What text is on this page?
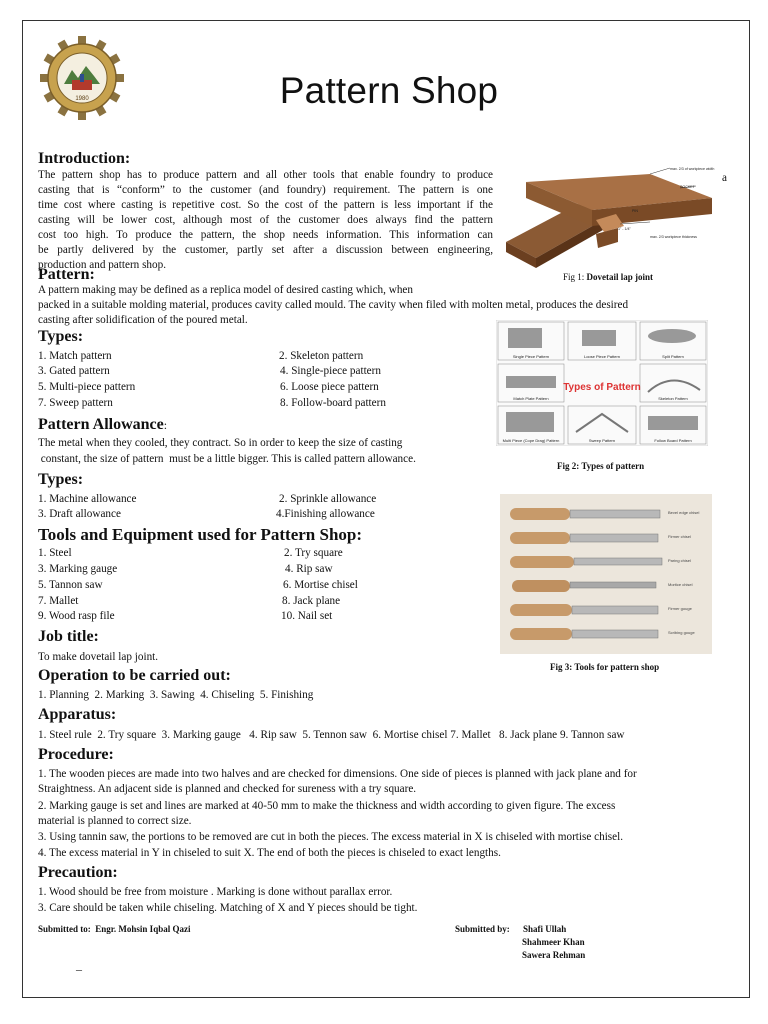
1980	Pattern Shop
Introduction:
The pattern shop has to produce pattern and all other tools that enable foundry to produce	a
casting that is “conform” to the customer (and foundry) requirement. The pattern is one
time cost where casting is repetitive cost. So the cost of the pattern is less important if the
casting will be lower cost, although most of the customer does always find the pattern
cost too high. To produce the pattern, the shop needs information. This information can
be partly delivered by the customer, partly set after a discussion between engineering,
production and pattern shop.
max. 2/3 of workpiece width
SOCKET
PIN
1" - 1/4"
max. 2/3 workpiece thickness
Fig 1: Dovetail lap joint
Pattern:
A pattern making may be defined as a replica model of desired casting which, when
packed in a suitable molding material, produces cavity called mould. The cavity when filed with molten metal, produces the desired
casting after solidification of the poured metal.
Single Piece Pattern	Loose Piece Pattern	Split Pattern
Match Plate Pattern	Skeleton Pattern
Multi Piece (Cope Drag) Pattern	Sweep Pattern	Follow Board Pattern
Types of Pattern
Fig 2: Types of pattern
Types:
1. Match pattern	2. Skeleton pattern
3. Gated pattern	4. Single-piece pattern
5. Multi-piece pattern	6. Loose piece pattern
7. Sweep pattern	8. Follow-board pattern
Pattern Allowance:
The metal when they cooled, they contract. So in order to keep the size of casting
constant, the size of pattern  must be a little bigger. This is called pattern allowance.
Types:
1. Machine allowance	2. Sprinkle allowance
3. Draft allowance	4.Finishing allowance	Bevel edge chisel
Firmer chisel
Paring chisel
Mortice chisel
Firmer gouge
Scribing gouge
Fig 3: Tools for pattern shop
Tools and Equipment used for Pattern Shop:
1. Steel	2. Try square
3. Marking gauge	4. Rip saw
5. Tannon saw	6. Mortise chisel
7. Mallet	8. Jack plane
9. Wood rasp file	10. Nail set
Job title:
To make dovetail lap joint.
Operation to be carried out:
1. Planning  2. Marking  3. Sawing  4. Chiseling  5. Finishing
Apparatus:
1. Steel rule  2. Try square  3. Marking gauge   4. Rip saw  5. Tennon saw  6. Mortise chisel 7. Mallet   8. Jack plane 9. Tannon saw
Procedure:
1. The wooden pieces are made into two halves and are checked for dimensions. One side of pieces is planned with jack plane and for
Straightness. An adjacent side is planned and checked for sureness with a try square.
2. Marking gauge is set and lines are marked at 40-50 mm to make the thickness and width according to given figure. The excess
material is planned to correct size.
3. Using tannin saw, the portions to be removed are cut in both the pieces. The excess material in X is chiseled with mortise chisel.
4. The excess material in Y in chiseled to suit X. The end of both the pieces is chiseled to exact lengths.
Precaution:
1. Wood should be free from moisture . Marking is done without parallax error.
3. Care should be taken while chiseling. Matching of X and Y pieces should be tight.
Submitted to:  Engr. Mohsin Iqbal Qazi	Submitted by: Shafi Ullah
Shahmeer Khan
Sawera Rehman
–
